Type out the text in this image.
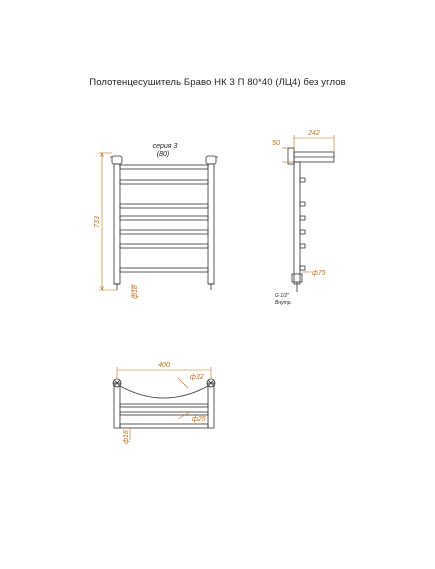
Полотенцесушитель Браво НК 3 П 80*40 (ЛЦ4) без углов
733
серия 3
(80)
ф18
242
50
ф75
G 1/2"
Внутр.
400
ф32
ф25
ф18
